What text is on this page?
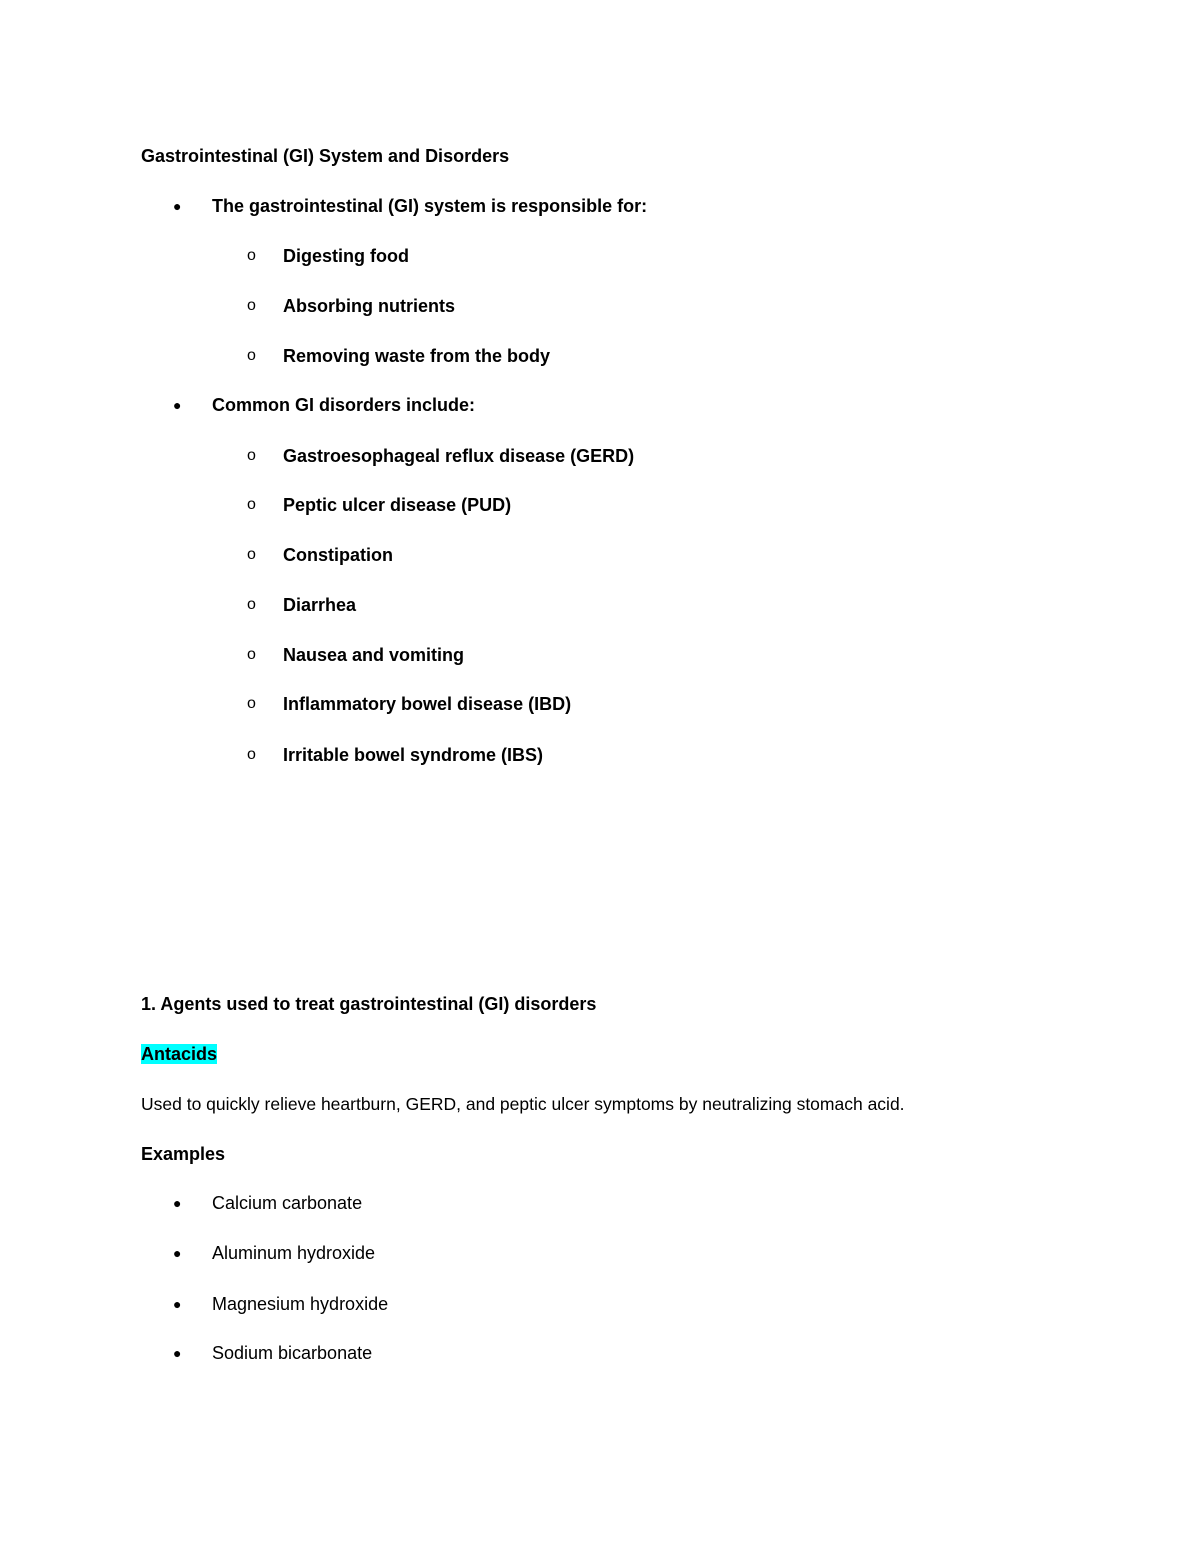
Gastrointestinal (GI) System and Disorders
● The gastrointestinal (GI) system is responsible for:
o Digesting food
o Absorbing nutrients
o Removing waste from the body
● Common GI disorders include:
o Gastroesophageal reflux disease (GERD)
o Peptic ulcer disease (PUD)
o Constipation
o Diarrhea
o Nausea and vomiting
o Inflammatory bowel disease (IBD)
o Irritable bowel syndrome (IBS)
1. Agents used to treat gastrointestinal (GI) disorders
Antacids
Used to quickly relieve heartburn, GERD, and peptic ulcer symptoms by neutralizing stomach acid.
Examples
● Calcium carbonate
● Aluminum hydroxide
● Magnesium hydroxide
● Sodium bicarbonate
